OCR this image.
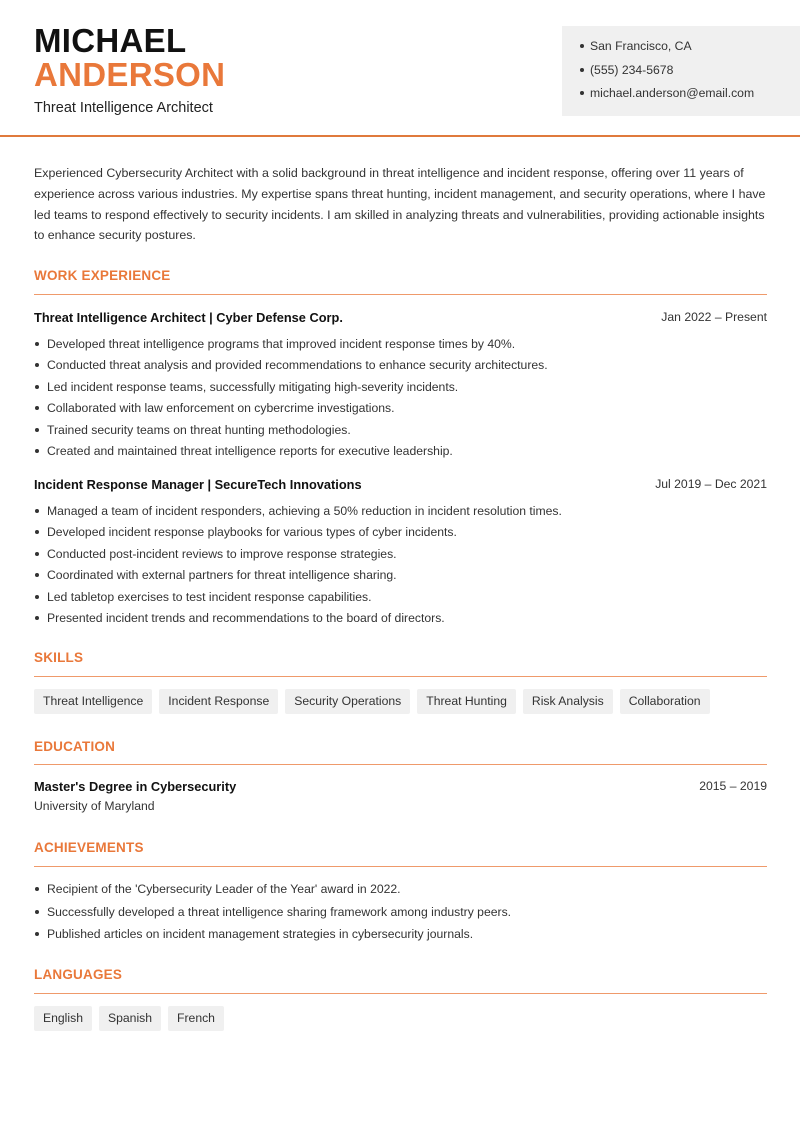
MICHAEL
ANDERSON
Threat Intelligence Architect
San Francisco, CA
(555) 234-5678
michael.anderson@email.com

Experienced Cybersecurity Architect with a solid background in threat intelligence and incident response, offering over 11 years of experience across various industries. My expertise spans threat hunting, incident management, and security operations, where I have led teams to respond effectively to security incidents. I am skilled in analyzing threats and vulnerabilities, providing actionable insights to enhance security postures.

WORK EXPERIENCE
Threat Intelligence Architect | Cyber Defense Corp.	Jan 2022 – Present
Developed threat intelligence programs that improved incident response times by 40%.
Conducted threat analysis and provided recommendations to enhance security architectures.
Led incident response teams, successfully mitigating high-severity incidents.
Collaborated with law enforcement on cybercrime investigations.
Trained security teams on threat hunting methodologies.
Created and maintained threat intelligence reports for executive leadership.
Incident Response Manager | SecureTech Innovations	Jul 2019 – Dec 2021
Managed a team of incident responders, achieving a 50% reduction in incident resolution times.
Developed incident response playbooks for various types of cyber incidents.
Conducted post-incident reviews to improve response strategies.
Coordinated with external partners for threat intelligence sharing.
Led tabletop exercises to test incident response capabilities.
Presented incident trends and recommendations to the board of directors.
SKILLS
Threat Intelligence	Incident Response	Security Operations	Threat Hunting	Risk Analysis	Collaboration
EDUCATION
Master's Degree in Cybersecurity	2015 – 2019
University of Maryland
ACHIEVEMENTS
Recipient of the 'Cybersecurity Leader of the Year' award in 2022.
Successfully developed a threat intelligence sharing framework among industry peers.
Published articles on incident management strategies in cybersecurity journals.
LANGUAGES
English	Spanish	French
